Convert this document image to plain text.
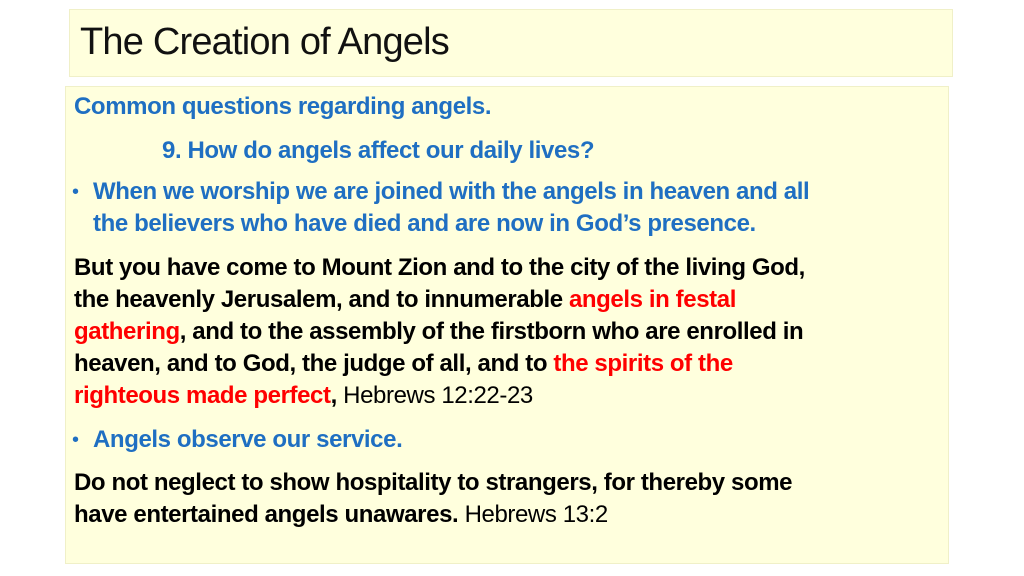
The Creation of Angels
Common questions regarding angels.
9. How do angels affect our daily lives?
• When we worship we are joined with the angels in heaven and all
the believers who have died and are now in God’s presence.
But you have come to Mount Zion and to the city of the living God,
the heavenly Jerusalem, and to innumerable angels in festal
gathering, and to the assembly of the firstborn who are enrolled in
heaven, and to God, the judge of all, and to the spirits of the
righteous made perfect, Hebrews 12:22-23
• Angels observe our service.
Do not neglect to show hospitality to strangers, for thereby some
have entertained angels unawares. Hebrews 13:2
